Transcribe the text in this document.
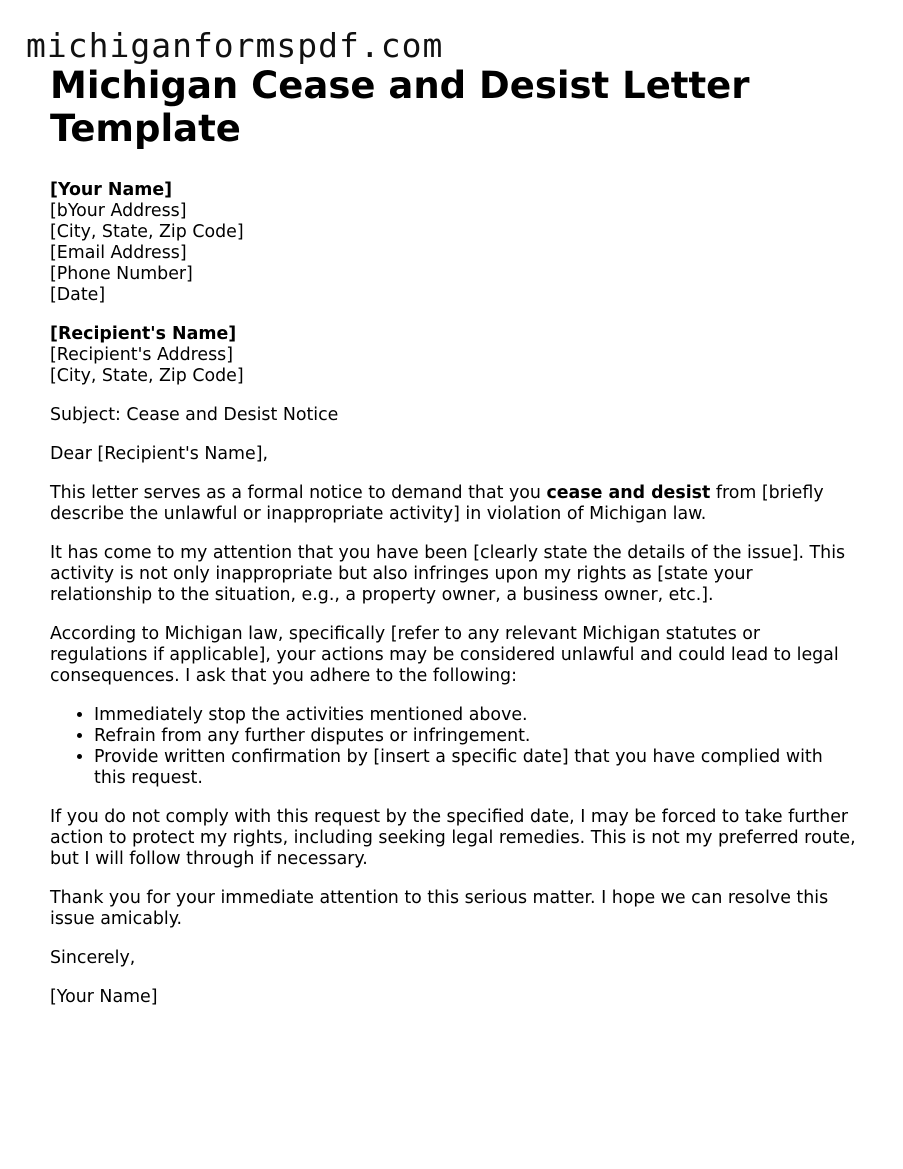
michiganformspdf.com
Michigan Cease and Desist Letter Template
[Your Name]
[bYour Address]
[City, State, Zip Code]
[Email Address]
[Phone Number]
[Date]
[Recipient's Name]
[Recipient's Address]
[City, State, Zip Code]

Subject: Cease and Desist Notice

Dear [Recipient's Name],

This letter serves as a formal notice to demand that you cease and desist from [briefly describe the unlawful or inappropriate activity] in violation of Michigan law.

It has come to my attention that you have been [clearly state the details of the issue]. This activity is not only inappropriate but also infringes upon my rights as [state your relationship to the situation, e.g., a property owner, a business owner, etc.].

According to Michigan law, specifically [refer to any relevant Michigan statutes or regulations if applicable], your actions may be considered unlawful and could lead to legal consequences. I ask that you adhere to the following:

• Immediately stop the activities mentioned above.
• Refrain from any further disputes or infringement.
• Provide written confirmation by [insert a specific date] that you have complied with this request.

If you do not comply with this request by the specified date, I may be forced to take further action to protect my rights, including seeking legal remedies. This is not my preferred route, but I will follow through if necessary.

Thank you for your immediate attention to this serious matter. I hope we can resolve this issue amicably.

Sincerely,

[Your Name]
